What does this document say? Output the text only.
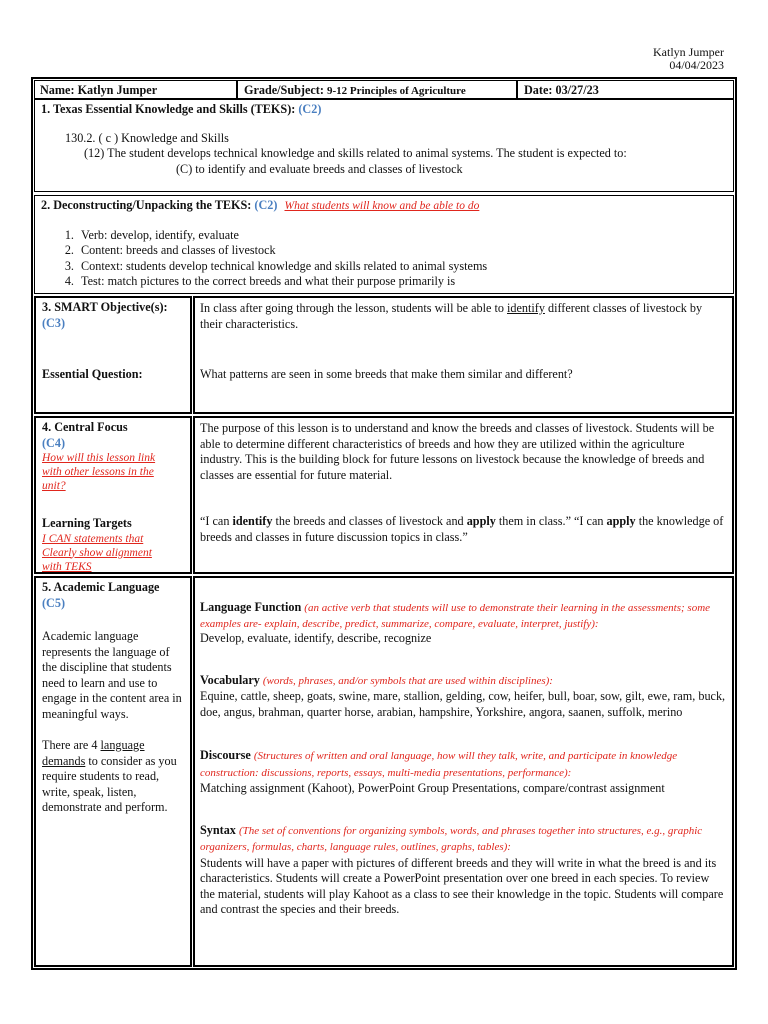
Katlyn Jumper
04/04/2023
Name: Katlyn Jumper	Grade/Subject: 9-12 Principles of Agriculture	Date: 03/27/23

1. Texas Essential Knowledge and Skills (TEKS): (C2)

130.2. ( c ) Knowledge and Skills

(12) The student develops technical knowledge and skills related to animal systems. The student is expected to:

(C) to identify and evaluate breeds and classes of livestock

2. Deconstructing/Unpacking the TEKS: (C2) What students will know and be able to do

1. Verb: develop, identify, evaluate
2. Content: breeds and classes of livestock
3. Context: students develop technical knowledge and skills related to animal systems
4. Test: match pictures to the correct breeds and what their purpose primarily is

3. SMART Objective(s): (C3)

Essential Question:

In class after going through the lesson, students will be able to identify different classes of livestock by their characteristics.

What patterns are seen in some breeds that make them similar and different?

4. Central Focus

(C4)

How will this lesson link with other lessons in the unit?

Learning Targets

I CAN statements that Clearly show alignment with TEKS

The purpose of this lesson is to understand and know the breeds and classes of livestock. Students will be able to determine different characteristics of breeds and how they are utilized within the agriculture industry. This is the building block for future lessons on livestock because the knowledge of breeds and classes are essential for future material.

“I can identify the breeds and classes of livestock and apply them in class.” “I can apply the knowledge of breeds and classes in future discussion topics in class.”

5. Academic Language

(C5)

Academic language represents the language of the discipline that students need to learn and use to engage in the content area in meaningful ways.

There are 4 language demands to consider as you require students to read, write, speak, listen, demonstrate and perform.

Language Function (an active verb that students will use to demonstrate their learning in the assessments; some examples are- explain, describe, predict, summarize, compare, evaluate, interpret, justify):

Develop, evaluate, identify, describe, recognize

Vocabulary (words, phrases, and/or symbols that are used within disciplines):

Equine, cattle, sheep, goats, swine, mare, stallion, gelding, cow, heifer, bull, boar, sow, gilt, ewe, ram, buck, doe, angus, brahman, quarter horse, arabian, hampshire, Yorkshire, angora, saanen, suffolk, merino

Discourse (Structures of written and oral language, how will they talk, write, and participate in knowledge construction: discussions, reports, essays, multi-media presentations, performance):

Matching assignment (Kahoot), PowerPoint Group Presentations, compare/contrast assignment

Syntax (The set of conventions for organizing symbols, words, and phrases together into structures, e.g., graphic organizers, formulas, charts, language rules, outlines, graphs, tables):

Students will have a paper with pictures of different breeds and they will write in what the breed is and its characteristics. Students will create a PowerPoint presentation over one breed in each species. To review the material, students will play Kahoot as a class to see their knowledge in the topic. Students will compare and contrast the species and their breeds.
